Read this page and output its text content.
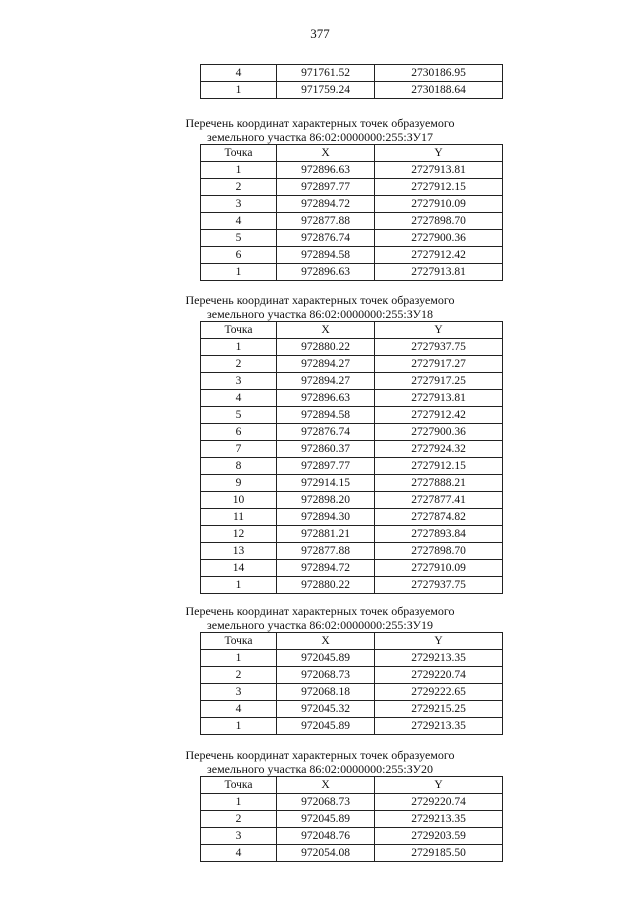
377
4	971761.52	2730186.95
1	971759.24	2730188.64

Перечень координат характерных точек образуемого

земельного участка 86:02:0000000:255:ЗУ17

Точка	X	Y
1	972896.63	2727913.81
2	972897.77	2727912.15
3	972894.72	2727910.09
4	972877.88	2727898.70
5	972876.74	2727900.36
6	972894.58	2727912.42
1	972896.63	2727913.81

Перечень координат характерных точек образуемого

земельного участка 86:02:0000000:255:ЗУ18

Точка	X	Y
1	972880.22	2727937.75
2	972894.27	2727917.27
3	972894.27	2727917.25
4	972896.63	2727913.81
5	972894.58	2727912.42
6	972876.74	2727900.36
7	972860.37	2727924.32
8	972897.77	2727912.15
9	972914.15	2727888.21
10	972898.20	2727877.41
11	972894.30	2727874.82
12	972881.21	2727893.84
13	972877.88	2727898.70
14	972894.72	2727910.09
1	972880.22	2727937.75

Перечень координат характерных точек образуемого

земельного участка 86:02:0000000:255:ЗУ19

Точка	X	Y
1	972045.89	2729213.35
2	972068.73	2729220.74
3	972068.18	2729222.65
4	972045.32	2729215.25
1	972045.89	2729213.35

Перечень координат характерных точек образуемого

земельного участка 86:02:0000000:255:ЗУ20

Точка	X	Y
1	972068.73	2729220.74
2	972045.89	2729213.35
3	972048.76	2729203.59
4	972054.08	2729185.50
